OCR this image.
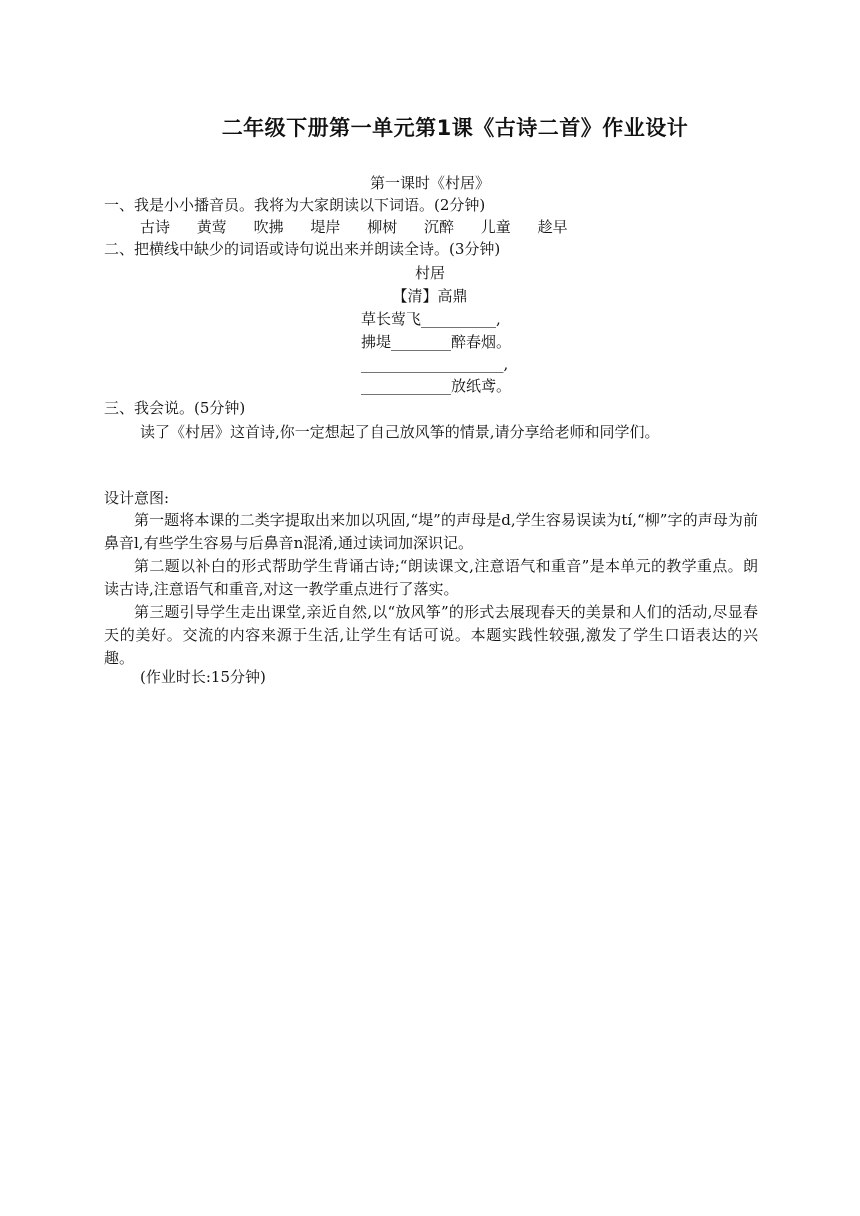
二年级下册第一单元第1课《古诗二首》作业设计
第一课时《村居》
一、我是小小播音员。我将为大家朗读以下词语。(2分钟)
古诗 黄莺 吹拂 堤岸 柳树 沉醉 儿童 趁早
二、把横线中缺少的词语或诗句说出来并朗读全诗。(3分钟)
村居
【清】高鼎
草长莺飞__________,
拂堤________醉春烟。
___________________,
____________放纸鸢。
三、我会说。(5分钟)
读了《村居》这首诗,你一定想起了自己放风筝的情景,请分享给老师和同学们。
设计意图:
第一题将本课的二类字提取出来加以巩固,“堤”的声母是d,学生容易误读为tí,“柳”字的声母为前鼻音l,有些学生容易与后鼻音n混淆,通过读词加深识记。
第二题以补白的形式帮助学生背诵古诗;“朗读课文,注意语气和重音”是本单元的教学重点。朗读古诗,注意语气和重音,对这一教学重点进行了落实。
第三题引导学生走出课堂,亲近自然,以“放风筝”的形式去展现春天的美景和人们的活动,尽显春天的美好。交流的内容来源于生活,让学生有话可说。本题实践性较强,激发了学生口语表达的兴趣。
(作业时长:15分钟)
